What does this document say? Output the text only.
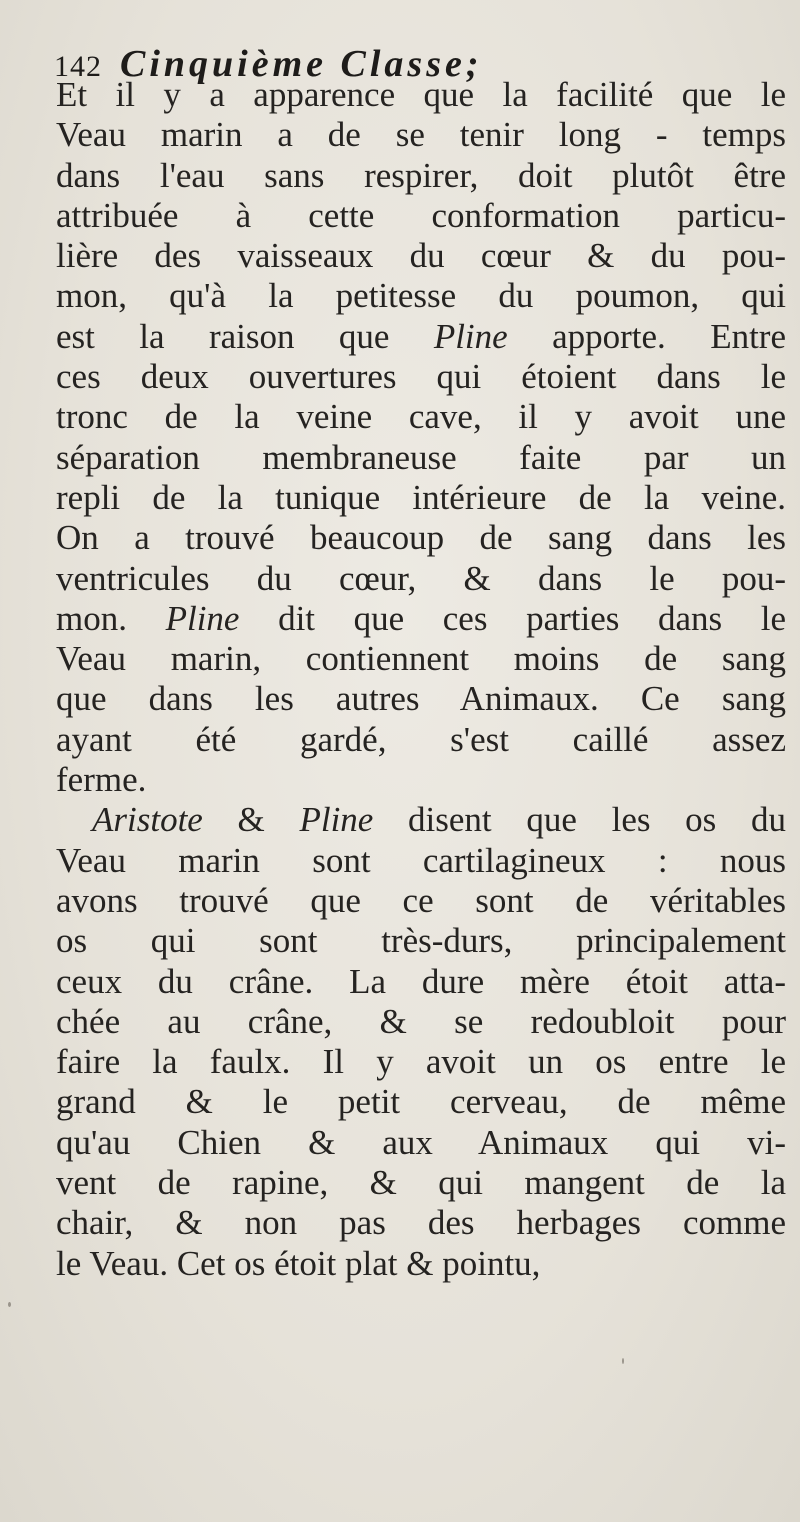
142 Cinquième Classe;
Et il y a apparence que la facilité que le
Veau marin a de se tenir long - temps
dans l'eau sans respirer, doit plutôt être
attribuée à cette conformation particu-
lière des vaisseaux du cœur & du pou-
mon, qu'à la petitesse du poumon, qui
est la raison que Pline apporte. Entre
ces deux ouvertures qui étoient dans le
tronc de la veine cave, il y avoit une
séparation membraneuse faite par un
repli de la tunique intérieure de la veine.
On a trouvé beaucoup de sang dans les
ventricules du cœur, & dans le pou-
mon. Pline dit que ces parties dans le
Veau marin, contiennent moins de sang
que dans les autres Animaux. Ce sang
ayant été gardé, s'est caillé assez
ferme.
Aristote & Pline disent que les os du
Veau marin sont cartilagineux : nous
avons trouvé que ce sont de véritables
os qui sont très-durs, principalement
ceux du crâne. La dure mère étoit atta-
chée au crâne, & se redoubloit pour
faire la faulx. Il y avoit un os entre le
grand & le petit cerveau, de même
qu'au Chien & aux Animaux qui vi-
vent de rapine, & qui mangent de la
chair, & non pas des herbages comme
le Veau. Cet os étoit plat & pointu,
